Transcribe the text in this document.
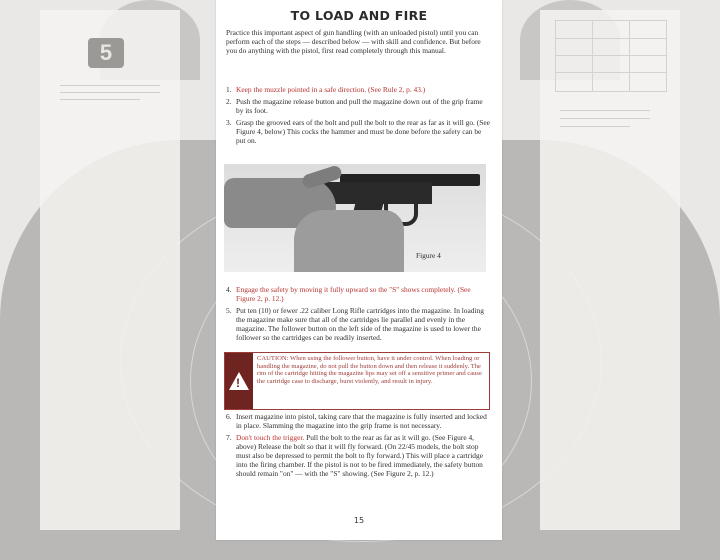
5
TO LOAD AND FIRE

Practice this important aspect of gun handling (with an unloaded pistol) until you can perform each of the steps — described below — with skill and confidence. But before you do anything with the pistol, first read completely through this manual.

1. Keep the muzzle pointed in a safe direction. (See Rule 2, p. 43.)
2. Push the magazine release button and pull the magazine down out of the grip frame by its foot.
3. Grasp the grooved ears of the bolt and pull the bolt to the rear as far as it will go. (See Figure 4, below) This cocks the hammer and must be done before the safety can be put on.
Figure 4
4. Engage the safety by moving it fully upward so the "S" shows completely. (See Figure 2, p. 12.)
5. Put ten (10) or fewer .22 caliber Long Rifle cartridges into the magazine. In loading the magazine make sure that all of the cartridges lie parallel and evenly in the magazine. The follower button on the left side of the magazine is used to lower the follower so the cartridges can be readily inserted.
!
CAUTION: When using the follower button, have it under control. When loading or handling the magazine, do not pull the button down and then release it suddenly. The rim of the cartridge hitting the magazine lips may set off a sensitive primer and cause the cartridge case to discharge, burst violently, and result in injury.
6. Insert magazine into pistol, taking care that the magazine is fully inserted and locked in place. Slamming the magazine into the grip frame is not necessary.
7. Don't touch the trigger. Pull the bolt to the rear as far as it will go. (See Figure 4, above) Release the bolt so that it will fly forward. (On 22/45 models, the bolt stop must also be depressed to permit the bolt to fly forward.) This will place a cartridge into the firing chamber. If the pistol is not to be fired immediately, the safety button should remain "on" — with the "S" showing. (See Figure 2, p. 12.)
15
